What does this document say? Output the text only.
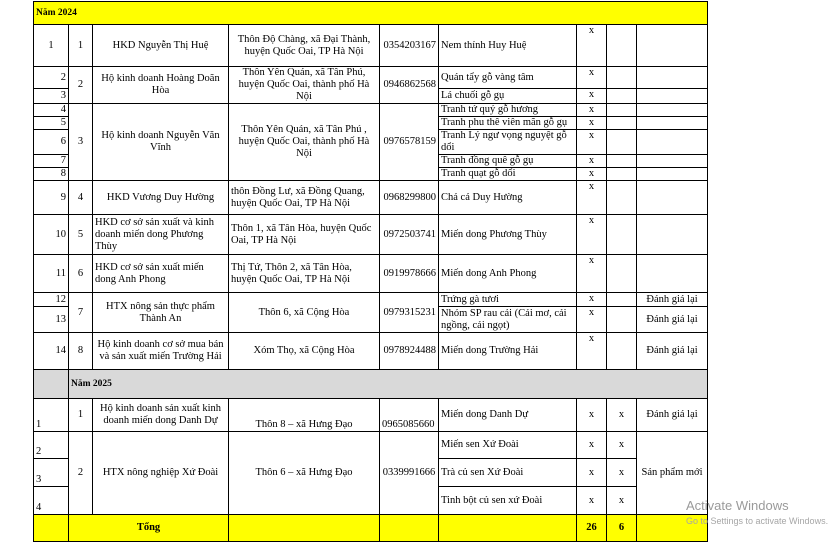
Năm 2024								
1	1	HKD Nguyễn Thị Huệ	Thôn Độ Chàng, xã Đại Thành, huyện Quốc Oai, TP Hà Nội	0354203167	Nem thính Huy Huệ	x		
2	2	Hộ kinh doanh Hoàng Doãn Hòa	Thôn Yên Quán, xã Tân Phú, huyện Quốc Oai, thành phố Hà Nội	0946862568	Quán tẩy gỗ vàng tâm	x		
3					Lá chuối gỗ gụ	x		
4	3	Hộ kinh doanh Nguyễn Văn Vĩnh	Thôn Yên Quán, xã Tân Phú , huyện Quốc Oai, thành phố Hà Nội	0976578159	Tranh tứ quý gỗ hương	x		
5					Tranh phu thê viên mãn gỗ gụ	x		
6					Tranh Lý ngư vọng nguyệt gỗ dổi	x		
7					Tranh đồng quê gỗ gụ	x		
8					Tranh quạt gỗ dổi	x		
9	4	HKD Vương Duy Hường	thôn Đồng Lư, xã Đồng Quang, huyện Quốc Oai, TP Hà Nội	0968299800	Chả cá Duy Hường	x		
10	5	HKD cơ sở sản xuất và kinh doanh miến dong Phương Thùy	Thôn 1, xã Tân Hòa, huyện Quốc Oai, TP Hà Nội	0972503741	Miến dong Phương Thùy	x		
11	6	HKD cơ sở sản xuất miến dong Anh Phong	Thị Tứ, Thôn 2, xã Tân Hòa, huyện Quốc Oai, TP Hà Nội	0919978666	Miến dong Anh Phong	x		
12	7	HTX nông sản thực phẩm Thành An	Thôn 6, xã Cộng Hòa	0979315231	Trứng gà tươi	x		Đánh giá lại
13					Nhóm SP rau cải (Cải mơ, cải ngồng, cải ngọt)	x		Đánh giá lại
14	8	Hộ kinh doanh cơ sở mua bán và sản xuất miến Trường Hải	Xóm Thọ, xã Cộng Hòa	0978924488	Miến dong Trường Hải	x		Đánh giá lại
	Năm 2025							
1	1	Hộ kinh doanh sản xuất kinh doanh miến dong Danh Dự	Thôn 8 – xã Hưng Đạo	0965085660	Miến dong Danh Dự	x	x	Đánh giá lại
2	2	HTX nông nghiệp Xứ Đoài	Thôn 6 – xã Hưng Đạo	0339991666	Miến sen Xứ Đoài	x	x	Sản phẩm mới
3					Trà củ sen Xứ Đoài	x	x	
4					Tinh bột củ sen xứ Đoài	x	x	
	Tổng					26	6	
Activate Windows
Go to Settings to activate Windows.
